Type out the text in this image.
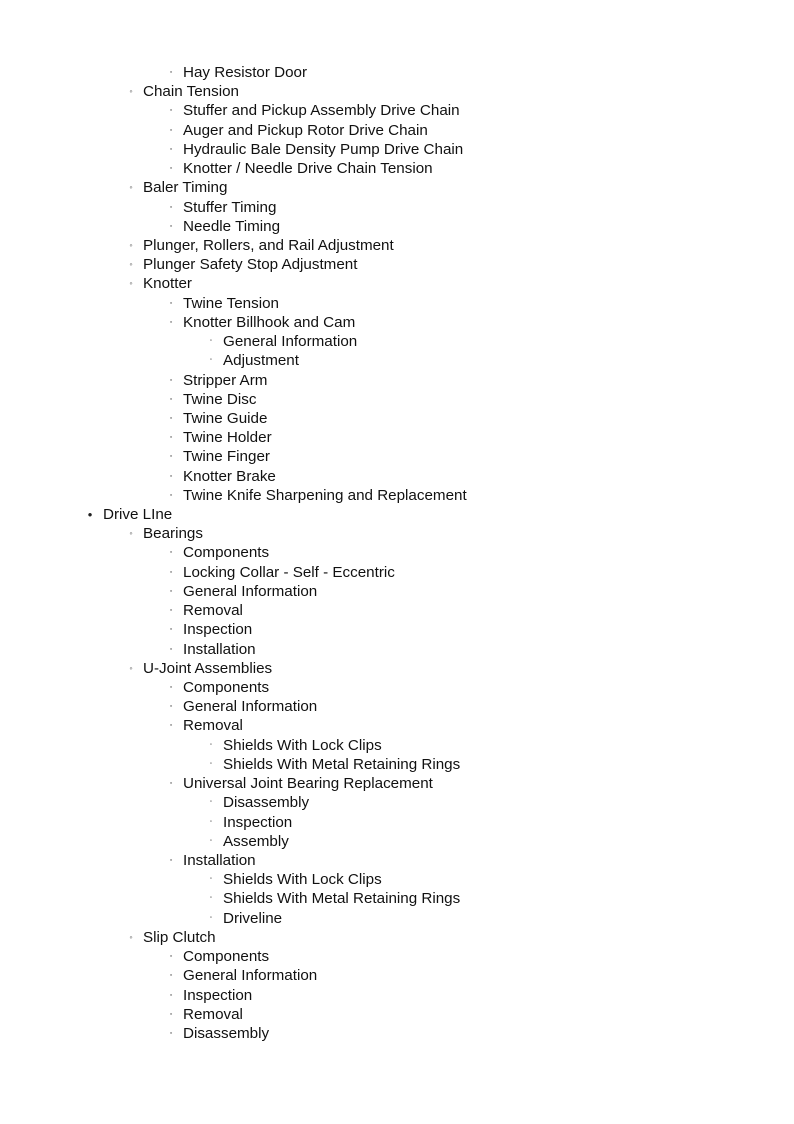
▫ Hay Resistor Door
◦ Chain Tension
▫ Stuffer and Pickup Assembly Drive Chain
▫ Auger and Pickup Rotor Drive Chain
▫ Hydraulic Bale Density Pump Drive Chain
▫ Knotter / Needle Drive Chain Tension
◦ Baler Timing
▫ Stuffer Timing
▫ Needle Timing
◦ Plunger, Rollers, and Rail Adjustment
◦ Plunger Safety Stop Adjustment
◦ Knotter
▫ Twine Tension
▫ Knotter Billhook and Cam
▫ General Information
▫ Adjustment
▫ Stripper Arm
▫ Twine Disc
▫ Twine Guide
▫ Twine Holder
▫ Twine Finger
▫ Knotter Brake
▫ Twine Knife Sharpening and Replacement
• Drive LIne
◦ Bearings
▫ Components
▫ Locking Collar - Self - Eccentric
▫ General Information
▫ Removal
▫ Inspection
▫ Installation
◦ U-Joint Assemblies
▫ Components
▫ General Information
▫ Removal
▫ Shields With Lock Clips
▫ Shields With Metal Retaining Rings
▫ Universal Joint Bearing Replacement
▫ Disassembly
▫ Inspection
▫ Assembly
▫ Installation
▫ Shields With Lock Clips
▫ Shields With Metal Retaining Rings
▫ Driveline
◦ Slip Clutch
▫ Components
▫ General Information
▫ Inspection
▫ Removal
▫ Disassembly
